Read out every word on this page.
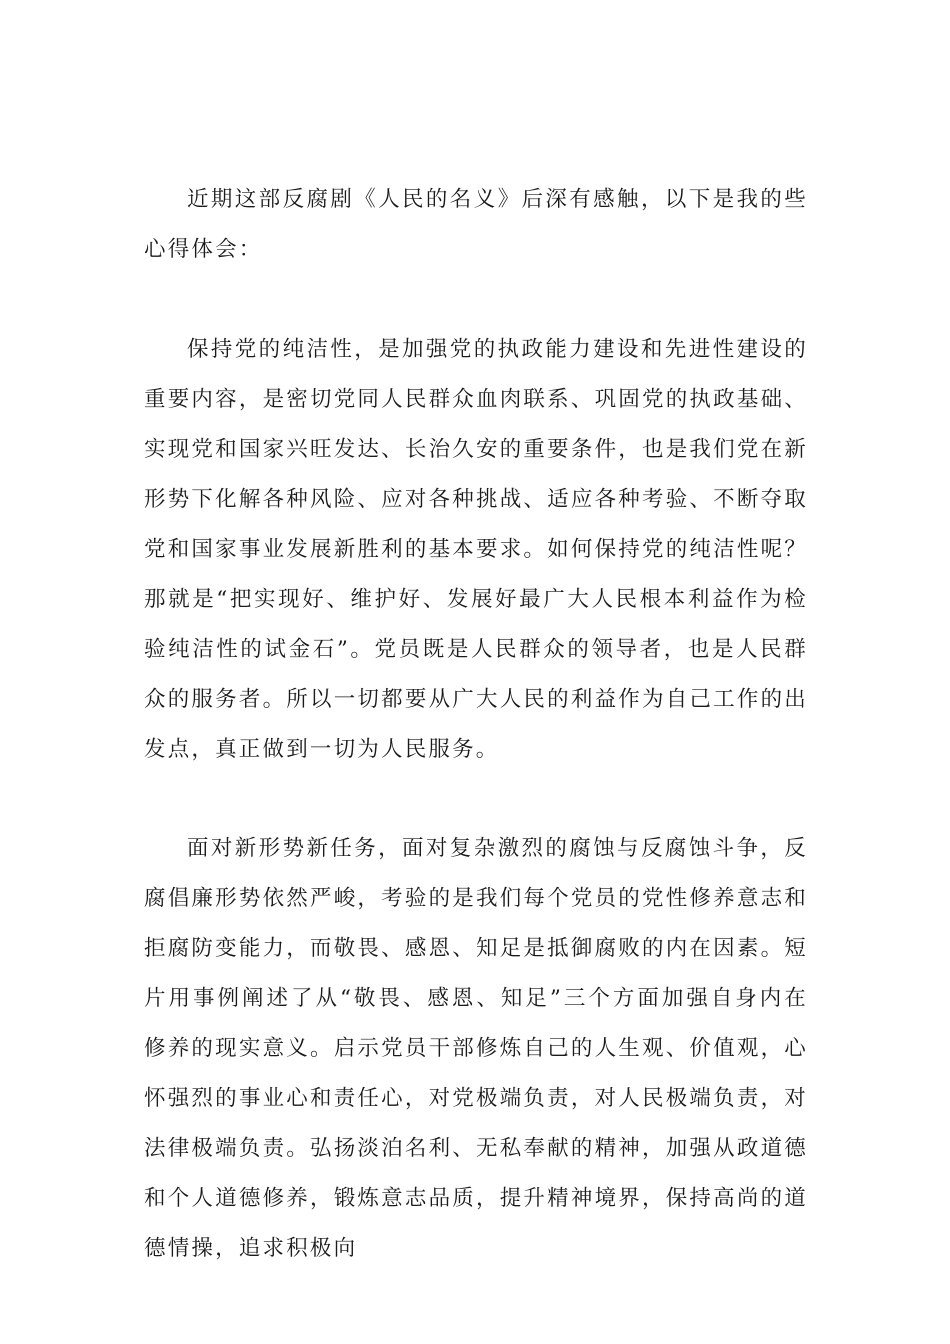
近期这部反腐剧《人民的名义》后深有感触，以下是我的些心得体会：

保持党的纯洁性，是加强党的执政能力建设和先进性建设的重要内容，是密切党同人民群众血肉联系、巩固党的执政基础、实现党和国家兴旺发达、长治久安的重要条件，也是我们党在新形势下化解各种风险、应对各种挑战、适应各种考验、不断夺取党和国家事业发展新胜利的基本要求。如何保持党的纯洁性呢？那就是“把实现好、维护好、发展好最广大人民根本利益作为检验纯洁性的试金石”。党员既是人民群众的领导者，也是人民群众的服务者。所以一切都要从广大人民的利益作为自己工作的出发点，真正做到一切为人民服务。

面对新形势新任务，面对复杂激烈的腐蚀与反腐蚀斗争，反腐倡廉形势依然严峻，考验的是我们每个党员的党性修养意志和拒腐防变能力，而敬畏、感恩、知足是抵御腐败的内在因素。短片用事例阐述了从“敬畏、感恩、知足”三个方面加强自身内在修养的现实意义。启示党员干部修炼自己的人生观、价值观，心怀强烈的事业心和责任心，对党极端负责，对人民极端负责，对法律极端负责。弘扬淡泊名利、无私奉献的精神，加强从政道德和个人道德修养，锻炼意志品质，提升精神境界，保持高尚的道德情操，追求积极向
